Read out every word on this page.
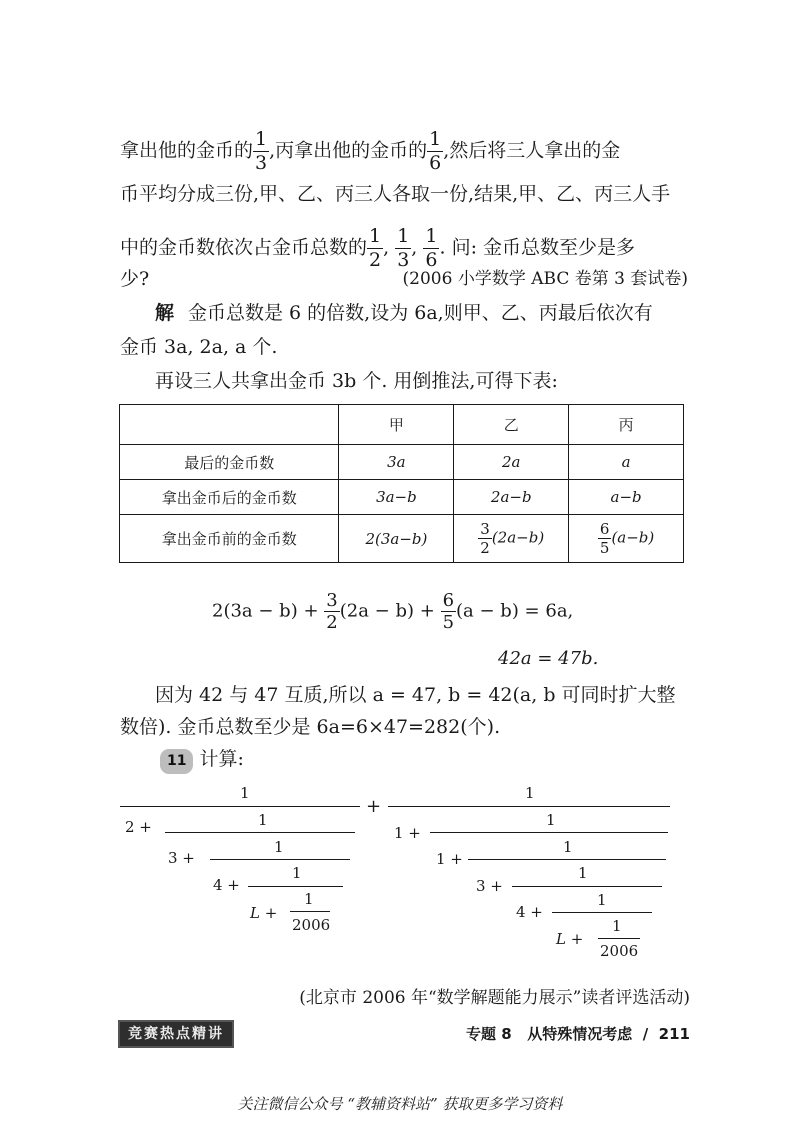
拿出他的金币的 $\frac{1}{3}$ ,丙拿出他的金币的 $\frac{1}{6}$ ,然后将三人拿出的金
币平均分成三份,甲、乙、丙三人各取一份,结果,甲、乙、丙三人手
中的金币数依次占金币总数的 $\frac{1}{2}$ , $\frac{1}{3}$ , $\frac{1}{6}$ . 问: 金币总数至少是多
少?	(2006 小学数学 ABC 卷第 3 套试卷)
解 金币总数是 6 的倍数,设为 6a,则甲、乙、丙最后依次有
金币 3a, 2a, a 个.
再设三人共拿出金币 3b 个. 用倒推法,可得下表:
	甲	乙	丙
最后的金币数	3a	2a	a
拿出金币后的金币数	3a−b	2a−b	a−b
拿出金币前的金币数	2(3a−b)	$\frac{3}{2} (2a-b)$	$\frac{6}{5} (a-b)$
$2(3a - b) + \frac{3}{2} (2a - b) + \frac{6}{5} (a - b) = 6a$,
42a = 47b.
因为 42 与 47 互质,所以 a = 47, b = 42(a, b 可同时扩大整
数倍). 金币总数至少是 6a=6×47=282(个).
11 计算:
1
2 +	1
3 +
1
4 +
1
L +
1
2006
+
1
1 +
1
1 +
1
3 +
1
4 +
1
L +
1
2006
(北京市 2006 年“数学解题能力展示”读者评选活动)
竞赛热点精讲	专题 8   从特殊情况考虑  /  211
关注微信公众号 “教辅资料站” 获取更多学习资料
